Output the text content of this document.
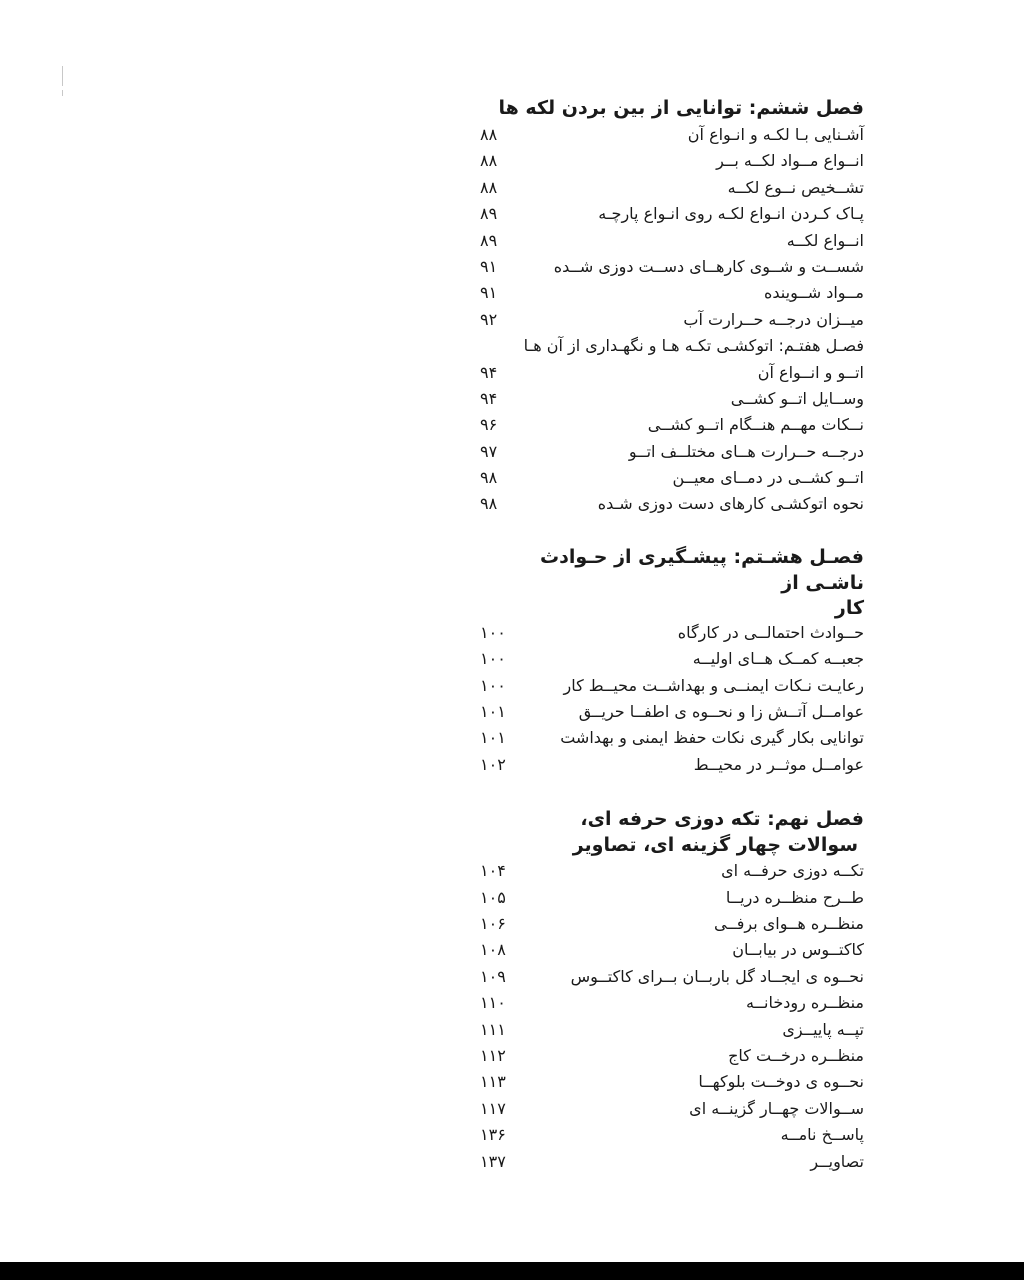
فصل ششم: توانایی از بین بردن لکه ها
آشـنایی بـا لکـه و انـواع آن
۸۸
انــواع مــواد لکــه بــر
۸۸
تشــخیص نــوع لکــه
۸۸
پـاک کـردن انـواع لکـه روی انـواع پارچـه
۸۹
انــواع لکــه
۸۹
شســت و شــوی کارهــای دســت دوزی شــده
۹۱
مــواد شــوینده
۹۱
میــزان درجــه حــرارت آب
۹۲
فصـل هفتـم: اتوکشـی تکـه هـا و نگهـداری از آن هـا
اتــو و انــواع آن
۹۴
وســایل اتــو کشــی
۹۴
نــکات مهــم هنــگام اتــو کشــی
۹۶
درجــه حــرارت هــای مختلــف اتــو
۹۷
اتــو کشــی در دمــای معیــن
۹۸
نحوه اتوکشـی کارهای دست دوزی شـده
۹۸
فصـل هشـتم: پیشـگیری از حـوادث ناشـی از
کار
حــوادث احتمالــی در کارگاه
۱۰۰
جعبــه کمــک هــای اولیــه
۱۰۰
رعایـت نـکات ایمنــی و بهداشــت محیــط کار
۱۰۰
عوامــل آتــش زا و نحــوه ی اطفــا حریــق
۱۰۱
توانایی بکار گیری نکات حفظ ایمنی و بهداشت
۱۰۱
عوامــل موثــر در محیــط
۱۰۲
فصل نهم: تکه دوزی حرفه ای،
سوالات چهار گزینه ای، تصاویر
تکــه دوزی حرفــه ای
۱۰۴
طــرح منظــره دریــا
۱۰۵
منظــره هــوای برفــی
۱۰۶
کاکتــوس در بیابــان
۱۰۸
نحــوه ی ایجــاد گل باربــان بــرای کاکتــوس
۱۰۹
منظــره رودخانــه
۱۱۰
تپــه پاییــزی
۱۱۱
منظــره درخــت کاج
۱۱۲
نحــوه ی دوخــت بلوکهــا
۱۱۳
ســوالات چهــار گزینــه ای
۱۱۷
پاســخ نامــه
۱۳۶
تصاویــر
۱۳۷
